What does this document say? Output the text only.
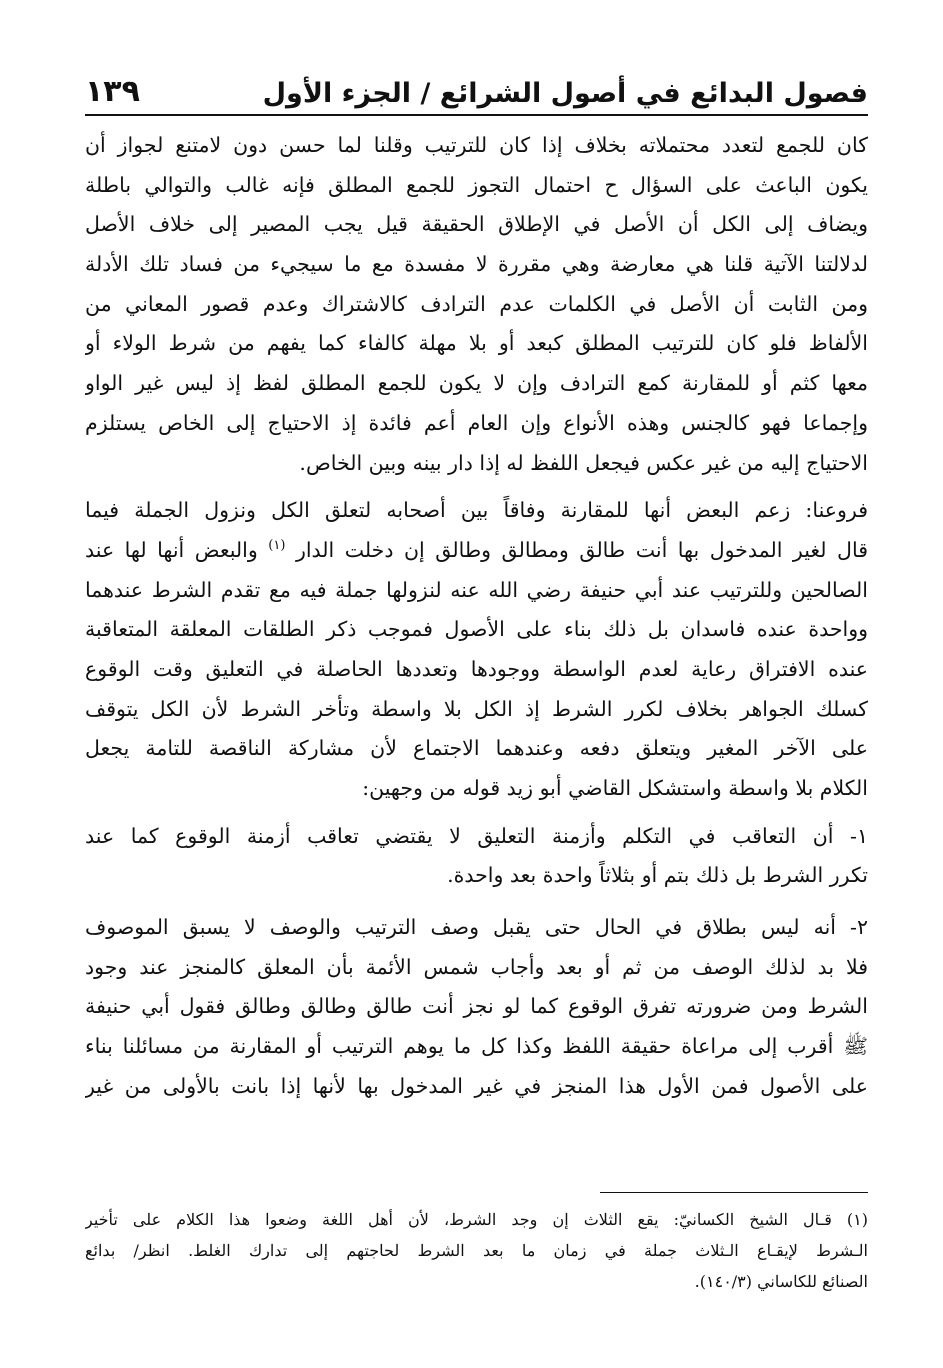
فصول البدائع في أصول الشرائع / الجزء الأول
١٣٩
كان للجمع لتعدد محتملاته بخلاف إذا كان للترتيب وقلنا لما حسن دون لامتنع لجواز أن
يكون الباعث على السؤال ح احتمال التجوز للجمع المطلق فإنه غالب والتوالي باطلة
ويضاف إلى الكل أن الأصل في الإطلاق الحقيقة قيل يجب المصير إلى خلاف الأصل
لدلالتنا الآتية قلنا هي معارضة وهي مقررة لا مفسدة مع ما سيجيء من فساد تلك الأدلة
ومن الثابت أن الأصل في الكلمات عدم الترادف كالاشتراك وعدم قصور المعاني من
الألفاظ فلو كان للترتيب المطلق كبعد أو بلا مهلة كالفاء كما يفهم من شرط الولاء أو
معها كثم أو للمقارنة كمع الترادف وإن لا يكون للجمع المطلق لفظ إذ ليس غير الواو
وإجماعا فهو كالجنس وهذه الأنواع وإن العام أعم فائدة إذ الاحتياج إلى الخاص يستلزم
الاحتياج إليه من غير عكس فيجعل اللفظ له إذا دار بينه وبين الخاص.
فروعنا: زعم البعض أنها للمقارنة وفاقاً بين أصحابه لتعلق الكل ونزول الجملة فيما
قال لغير المدخول بها أنت طالق ومطالق وطالق إن دخلت الدار $^{(١)}$ والبعض أنها لها عند
الصالحين وللترتيب عند أبي حنيفة رضي الله عنه لنزولها جملة فيه مع تقدم الشرط عندهما
وواحدة عنده فاسدان بل ذلك بناء على الأصول فموجب ذكر الطلقات المعلقة المتعاقبة
عنده الافتراق رعاية لعدم الواسطة ووجودها وتعددها الحاصلة في التعليق وقت الوقوع
كسلك الجواهر بخلاف لكرر الشرط إذ الكل بلا واسطة وتأخر الشرط لأن الكل يتوقف
على الآخر المغير ويتعلق دفعه وعندهما الاجتماع لأن مشاركة الناقصة للتامة يجعل
الكلام بلا واسطة واستشكل القاضي أبو زيد قوله من وجهين:
١- أن التعاقب في التكلم وأزمنة التعليق لا يقتضي تعاقب أزمنة الوقوع كما عند
تكرر الشرط بل ذلك بتم أو بثلاثاً واحدة بعد واحدة.
٢- أنه ليس بطلاق في الحال حتى يقبل وصف الترتيب والوصف لا يسبق الموصوف
فلا بد لذلك الوصف من ثم أو بعد وأجاب شمس الأئمة بأن المعلق كالمنجز عند وجود
الشرط ومن ضرورته تفرق الوقوع كما لو نجز أنت طالق وطالق وطالق فقول أبي حنيفة
ﷺ أقرب إلى مراعاة حقيقة اللفظ وكذا كل ما يوهم الترتيب أو المقارنة من مسائلنا بناء
على الأصول فمن الأول هذا المنجز في غير المدخول بها لأنها إذا بانت بالأولى من غير
(١) قـال الشيخ الكسانيّ: يقع الثلاث إن وجد الشرط، لأن أهل اللغة وضعوا هذا الكلام على تأخير
الـشرط لإيقـاع الـثلاث جملة في زمان ما بعد الشرط لحاجتهم إلى تدارك الغلط. انظر/ بدائع
الصنائع للكاساني (١٤٠/٣).
